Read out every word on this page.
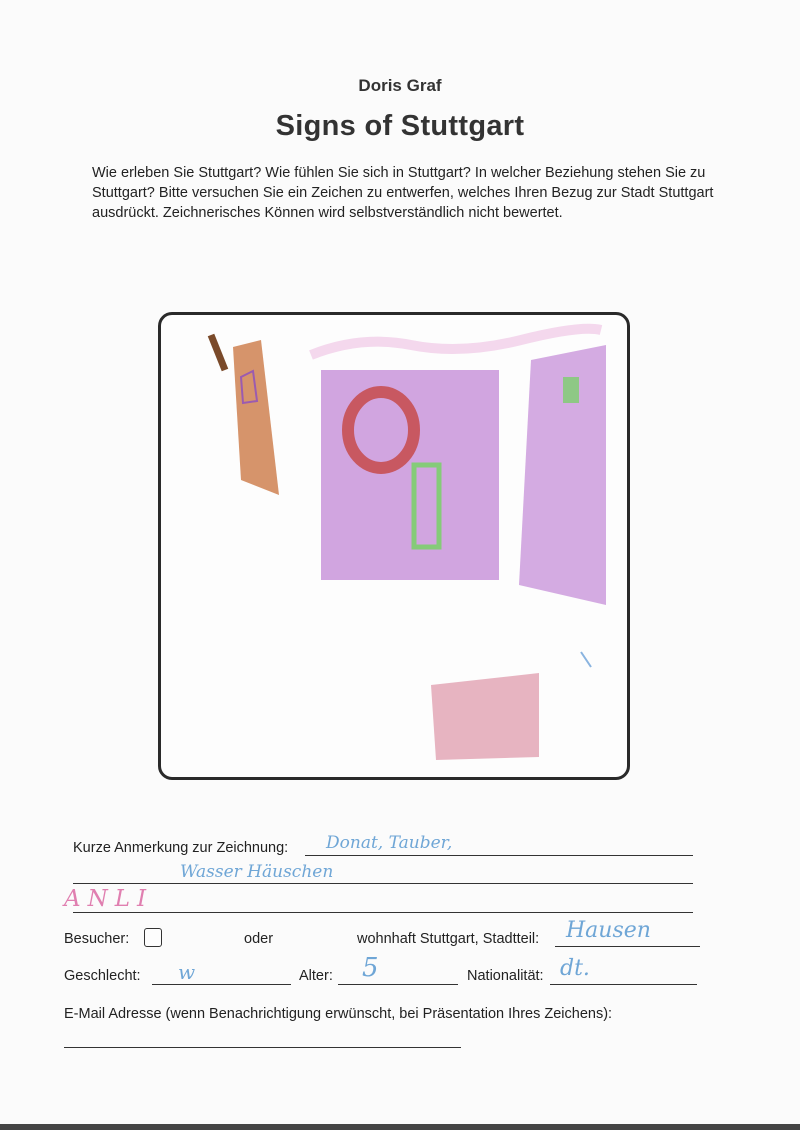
Doris Graf
Signs of Stuttgart
Wie erleben Sie Stuttgart? Wie fühlen Sie sich in Stuttgart? In welcher Beziehung stehen Sie zu Stuttgart? Bitte versuchen Sie ein Zeichen zu entwerfen, welches Ihren Bezug zur Stadt Stuttgart ausdrückt. Zeichnerisches Können wird selbstverständlich nicht bewertet.
Kurze Anmerkung zur Zeichnung: Donat, Tauber,
Wasser Häuschen
ANLI
Besucher:	oder	wohnhaft Stuttgart, Stadtteil: Hausen
Geschlecht: w	Alter: 5	Nationalität: dt.
E-Mail Adresse (wenn Benachrichtigung erwünscht, bei Präsentation Ihres Zeichens):
